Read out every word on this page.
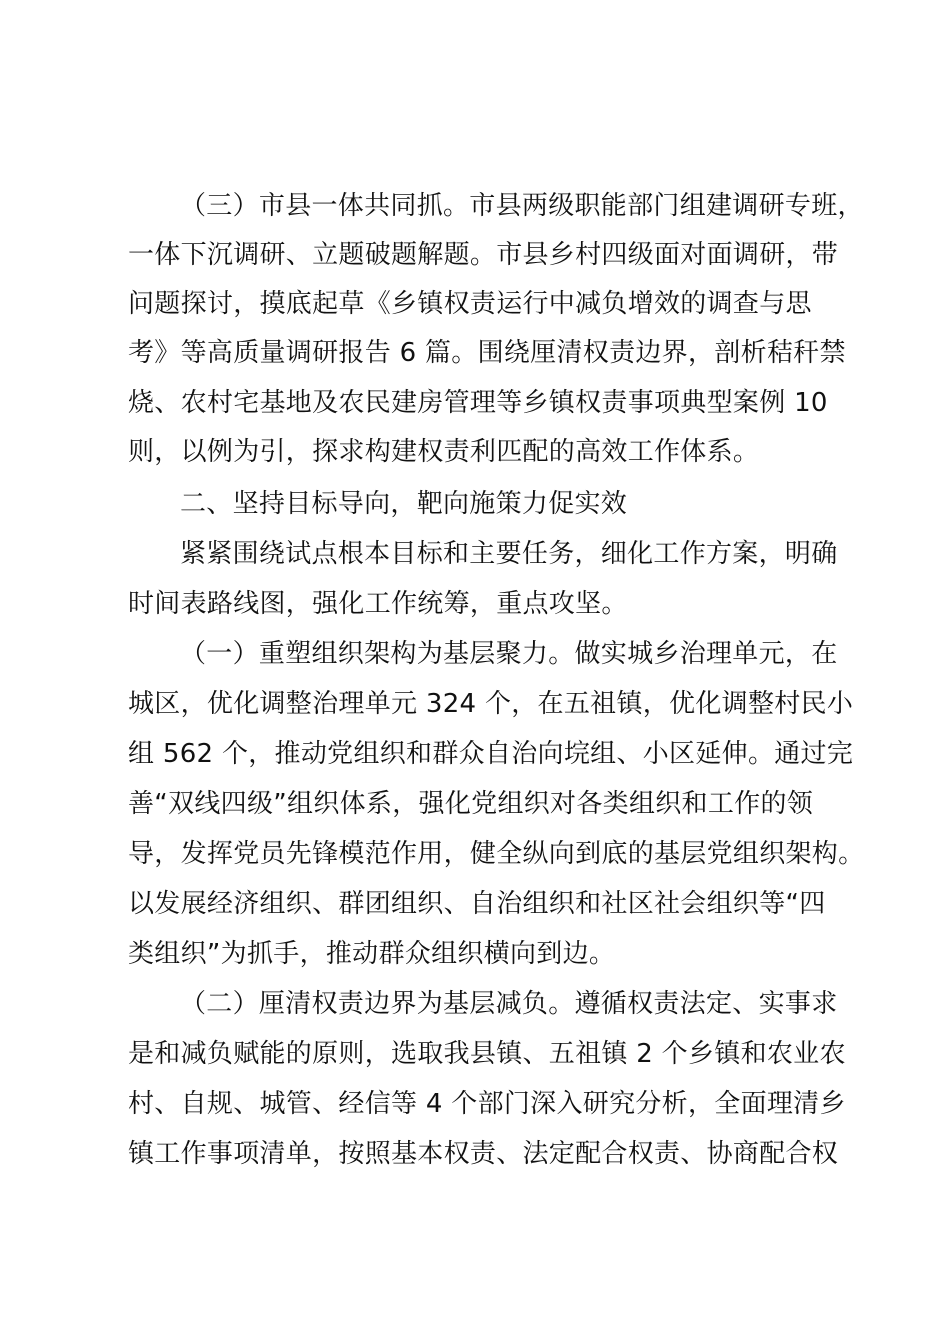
（三）市县一体共同抓。市县两级职能部门组建调研专班，
一体下沉调研、立题破题解题。市县乡村四级面对面调研，带
问题探讨，摸底起草《乡镇权责运行中减负增效的调查与思
考》等高质量调研报告 6 篇。围绕厘清权责边界，剖析秸秆禁
烧、农村宅基地及农民建房管理等乡镇权责事项典型案例 10
则，以例为引，探求构建权责利匹配的高效工作体系。
二、坚持目标导向，靶向施策力促实效
紧紧围绕试点根本目标和主要任务，细化工作方案，明确
时间表路线图，强化工作统筹，重点攻坚。
（一）重塑组织架构为基层聚力。做实城乡治理单元，在
城区，优化调整治理单元 324 个，在五祖镇，优化调整村民小
组 562 个，推动党组织和群众自治向垸组、小区延伸。通过完
善“双线四级”组织体系，强化党组织对各类组织和工作的领
导，发挥党员先锋模范作用，健全纵向到底的基层党组织架构。
以发展经济组织、群团组织、自治组织和社区社会组织等“四
类组织”为抓手，推动群众组织横向到边。
（二）厘清权责边界为基层减负。遵循权责法定、实事求
是和减负赋能的原则，选取我县镇、五祖镇 2 个乡镇和农业农
村、自规、城管、经信等 4 个部门深入研究分析，全面理清乡
镇工作事项清单，按照基本权责、法定配合权责、协商配合权
